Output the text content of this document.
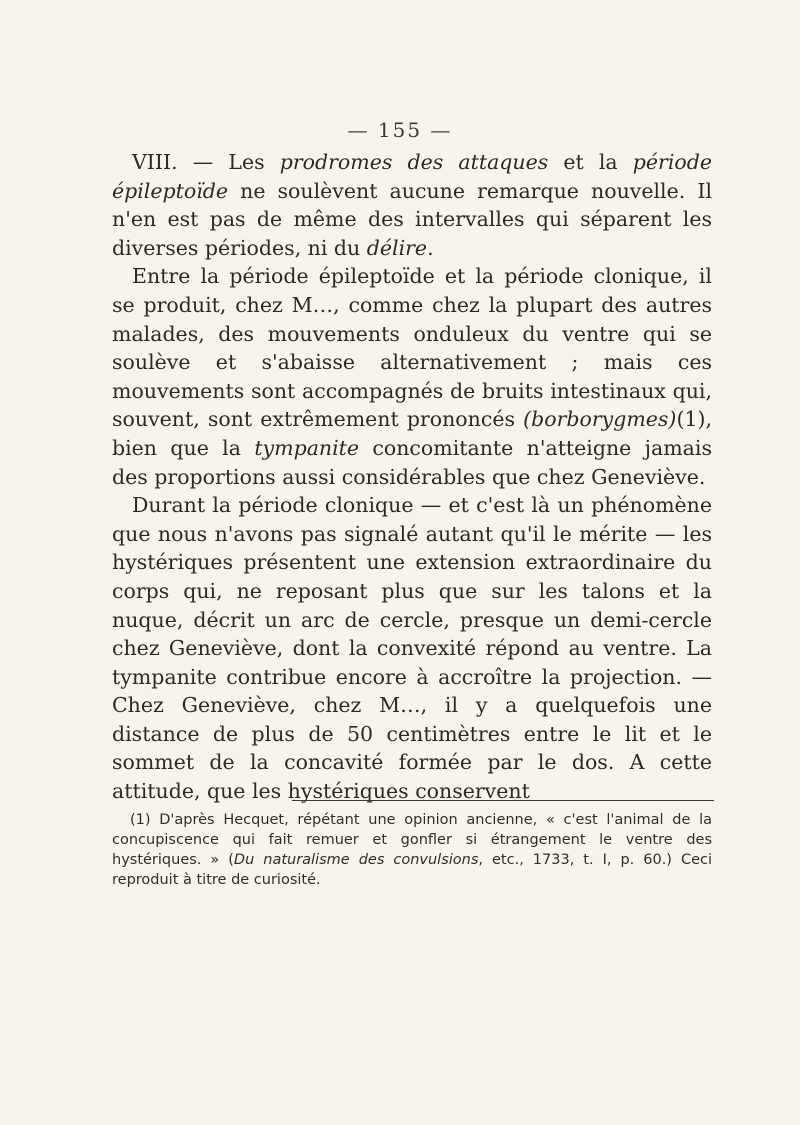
— 155 —

VIII. — Les prodromes des attaques et la période épileptoïde ne soulèvent aucune remarque nouvelle. Il n'en est pas de même des intervalles qui séparent les diverses périodes, ni du délire.

Entre la période épileptoïde et la période clonique, il se produit, chez M…, comme chez la plupart des autres malades, des mouvements onduleux du ventre qui se soulève et s'abaisse alternativement ; mais ces mouvements sont accompagnés de bruits intestinaux qui, souvent, sont extrêmement prononcés (borborygmes)(1), bien que la tympanite concomitante n'atteigne jamais des proportions aussi considérables que chez Geneviève.

Durant la période clonique — et c'est là un phénomène que nous n'avons pas signalé autant qu'il le mérite — les hystériques présentent une extension extraordinaire du corps qui, ne reposant plus que sur les talons et la nuque, décrit un arc de cercle, presque un demi-cercle chez Geneviève, dont la convexité répond au ventre. La tympanite contribue encore à accroître la projection. — Chez Geneviève, chez M…, il y a quelquefois une distance de plus de 50 centimètres entre le lit et le sommet de la concavité formée par le dos. A cette attitude, que les hystériques conservent

(1) D'après Hecquet, répétant une opinion ancienne, « c'est l'animal de la concupiscence qui fait remuer et gonfler si étrangement le ventre des hystériques. » (Du naturalisme des convulsions, etc., 1733, t. I, p. 60.) Ceci reproduit à titre de curiosité.
